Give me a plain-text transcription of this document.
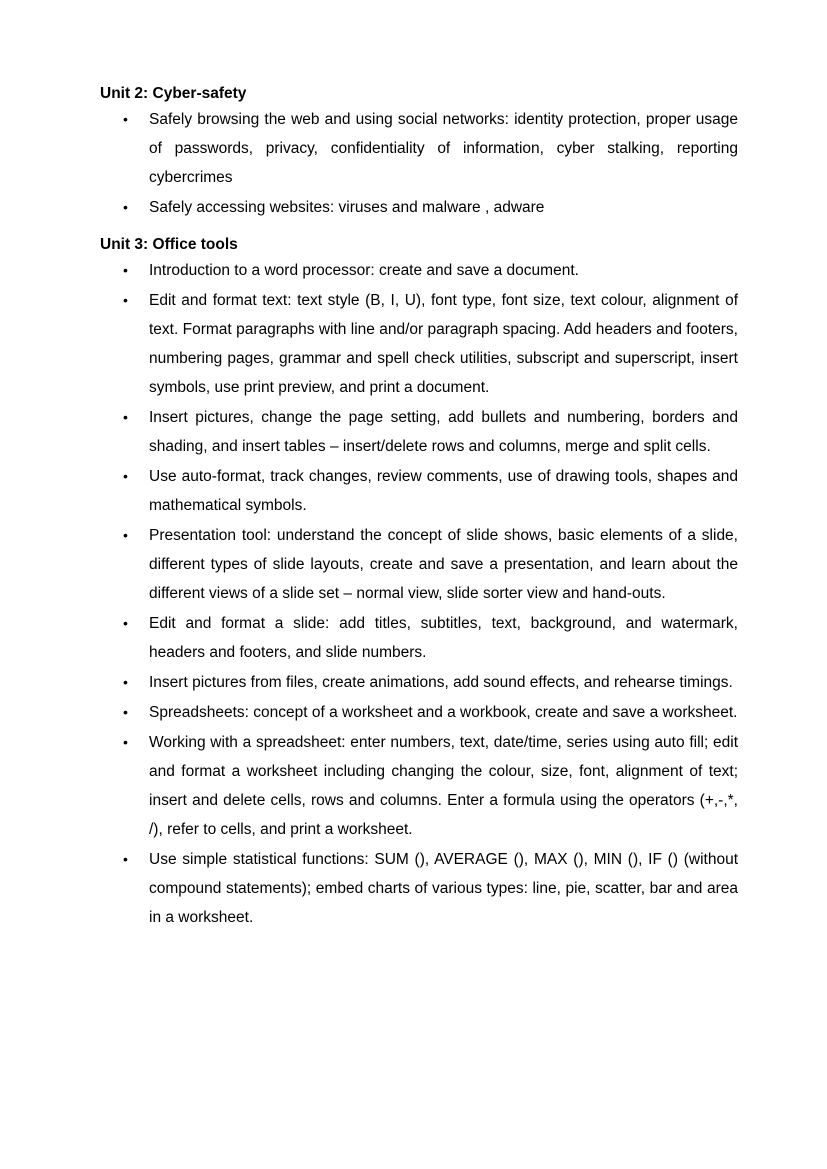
Unit 2: Cyber-safety
• Safely browsing the web and using social networks: identity protection, proper usage of passwords, privacy, confidentiality of information, cyber stalking, reporting cybercrimes
• Safely accessing websites: viruses and malware , adware
Unit 3: Office tools
• Introduction to a word processor: create and save a document.
• Edit and format text: text style (B, I, U), font type, font size, text colour, alignment of text. Format paragraphs with line and/or paragraph spacing. Add headers and footers, numbering pages, grammar and spell check utilities, subscript and superscript, insert symbols, use print preview, and print a document.
• Insert pictures, change the page setting, add bullets and numbering, borders and shading, and insert tables – insert/delete rows and columns, merge and split cells.
• Use auto-format, track changes, review comments, use of drawing tools, shapes and mathematical symbols.
• Presentation tool: understand the concept of slide shows, basic elements of a slide, different types of slide layouts, create and save a presentation, and learn about the different views of a slide set – normal view, slide sorter view and hand-outs.
• Edit and format a slide: add titles, subtitles, text, background, and watermark, headers and footers, and slide numbers.
• Insert pictures from files, create animations, add sound effects, and rehearse timings.
• Spreadsheets: concept of a worksheet and a workbook, create and save a worksheet.
• Working with a spreadsheet: enter numbers, text, date/time, series using auto fill; edit and format a worksheet including changing the colour, size, font, alignment of text; insert and delete cells, rows and columns. Enter a formula using the operators (+,-,*, /), refer to cells, and print a worksheet.
• Use simple statistical functions: SUM (), AVERAGE (), MAX (), MIN (), IF () (without compound statements); embed charts of various types: line, pie, scatter, bar and area in a worksheet.
